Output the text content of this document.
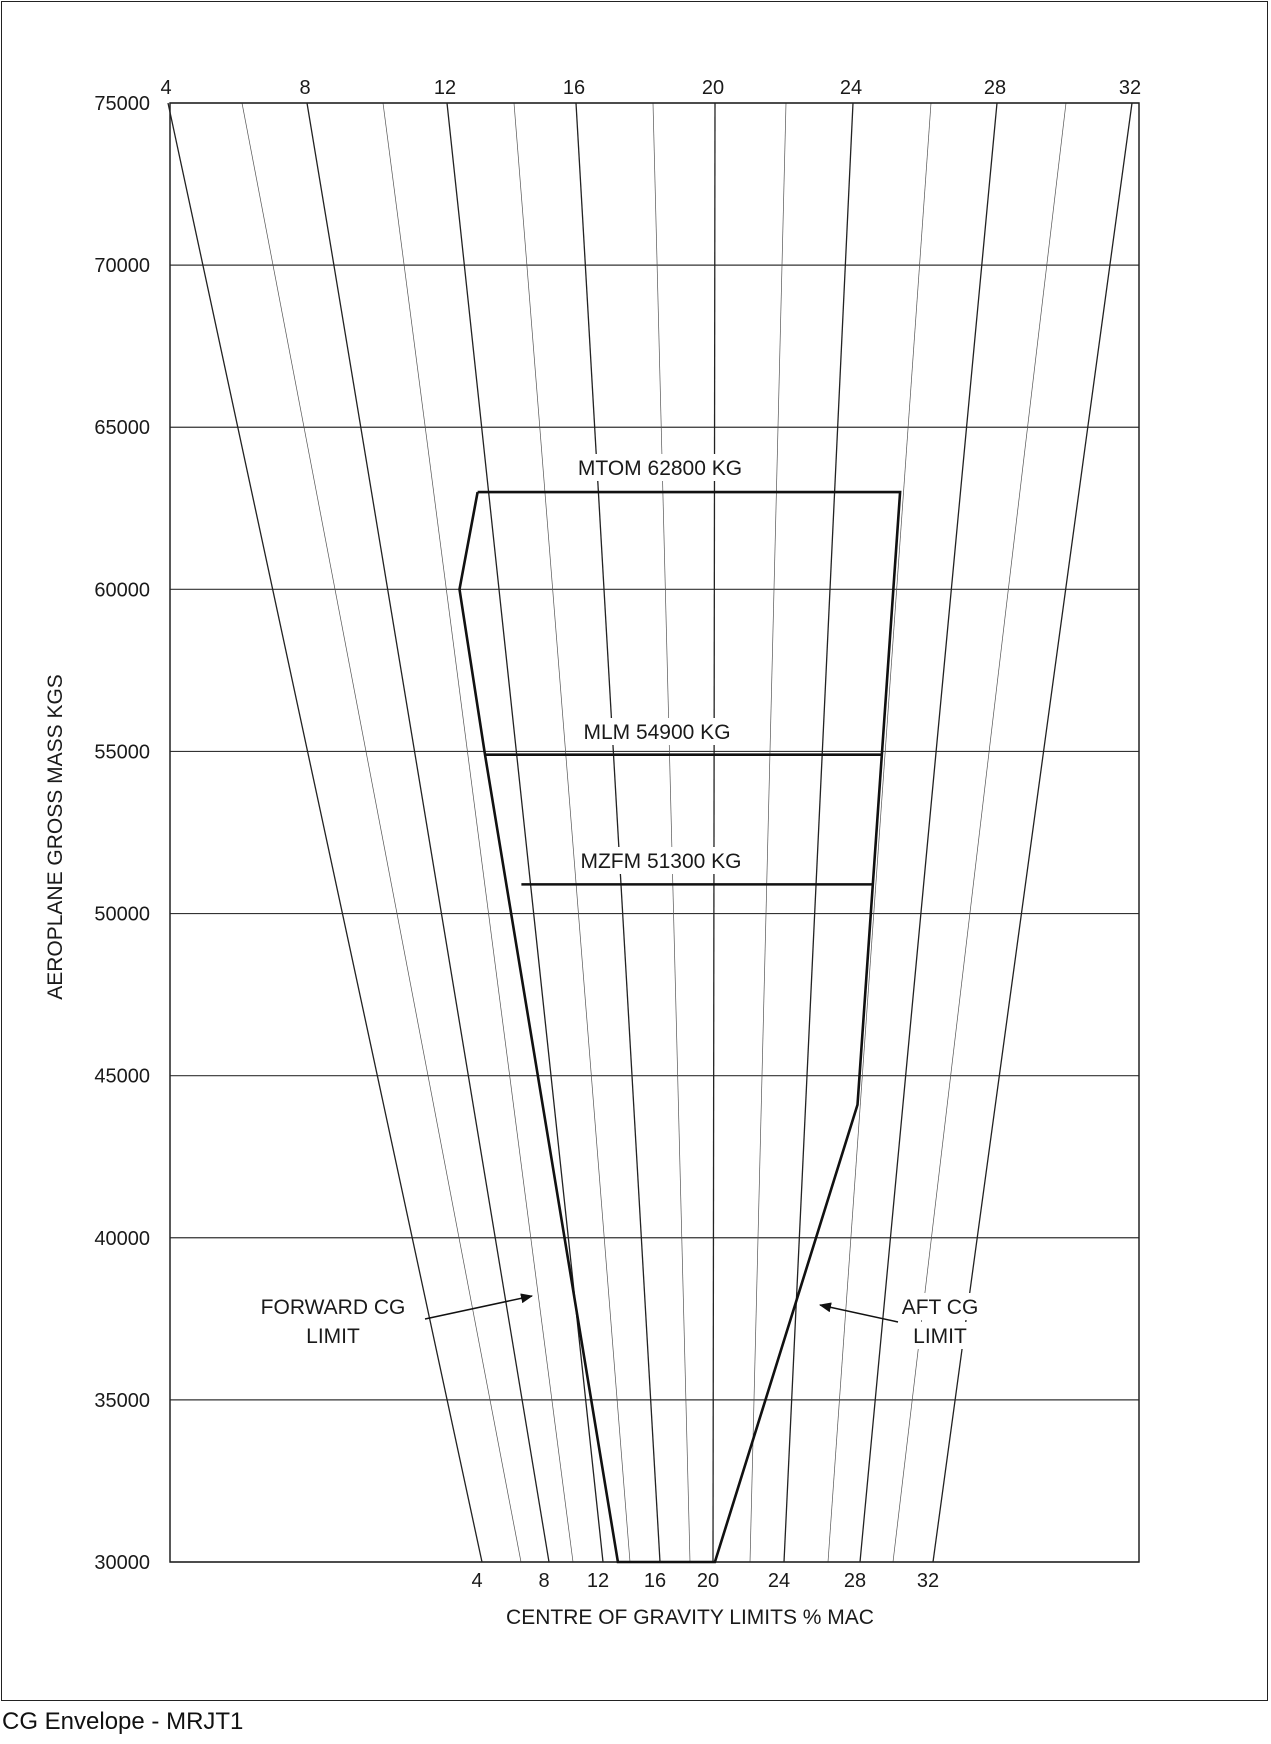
30000
35000
40000
45000
50000
55000
60000
65000
70000
75000
4	8	12	16	20	24	28	32
4	8 12 16 20 24	28	32
MTOM 62800 KG
MLM 54900 KG
MZFM 51300 KG
FORWARD CG
LIMIT
AFT CG
LIMIT
CENTRE OF GRAVITY LIMITS % MAC
AEROPLANE GROSS MASS KGS
CG Envelope - MRJT1
